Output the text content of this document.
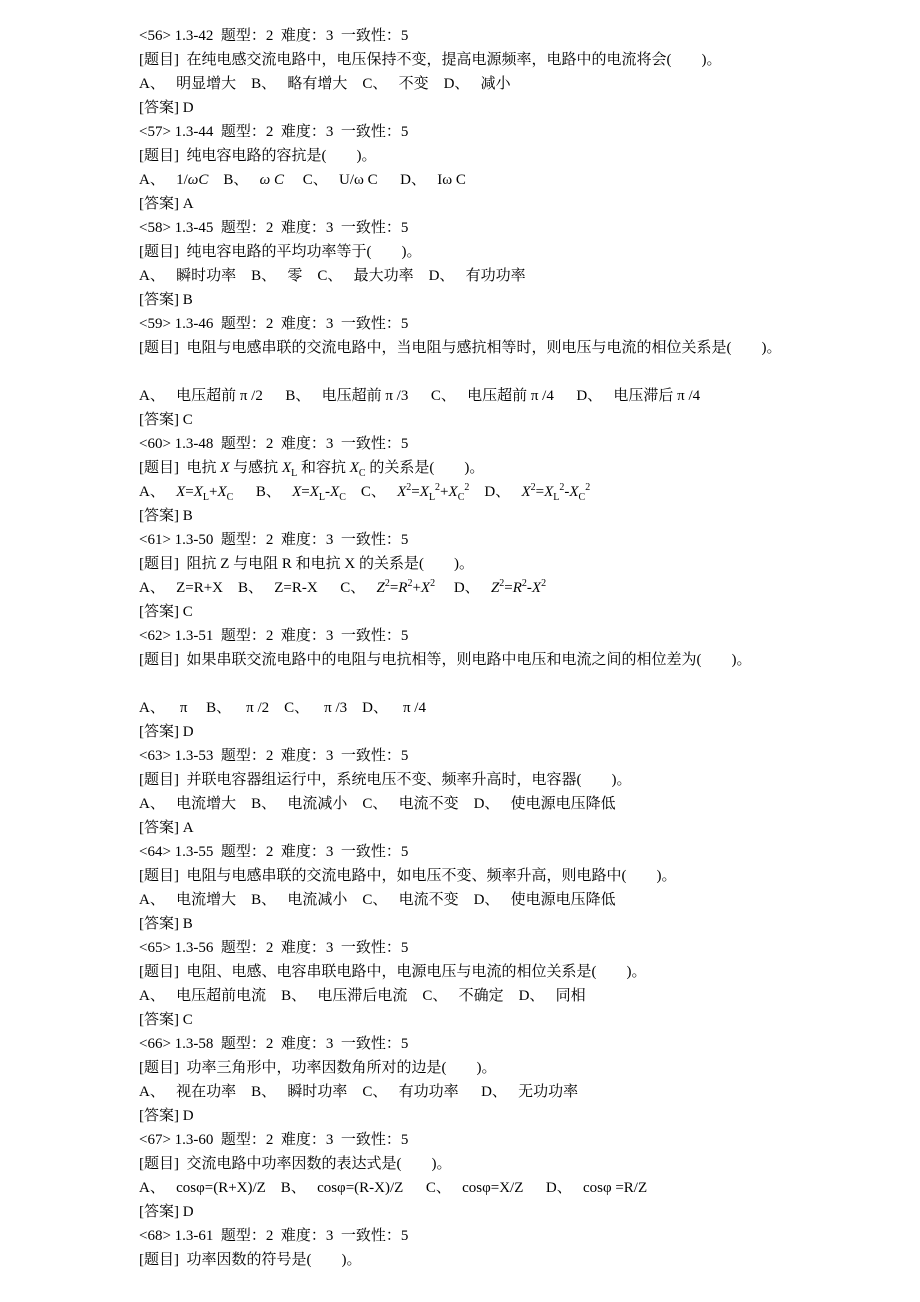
<56> 1.3-42  题型：2  难度：3  一致性：5
[题目]  在纯电感交流电路中，电压保持不变，提高电源频率，电路中的电流将会(        )。
A、   明显增大    B、   略有增大    C、   不变    D、   减小
[答案] D
<57> 1.3-44  题型：2  难度：3  一致性：5
[题目]  纯电容电路的容抗是(        )。
A、   1/ωC    B、   ω C     C、   U/ω C      D、   Iω C
[答案] A
<58> 1.3-45  题型：2  难度：3  一致性：5
[题目]  纯电容电路的平均功率等于(        )。
A、   瞬时功率    B、   零    C、   最大功率    D、   有功功率
[答案] B
<59> 1.3-46  题型：2  难度：3  一致性：5
[题目]  电阻与电感串联的交流电路中，当电阻与感抗相等时，则电压与电流的相位关系是(        )。
A、   电压超前 π /2      B、   电压超前 π /3      C、   电压超前 π /4      D、   电压滞后 π /4
[答案] C
<60> 1.3-48  题型：2  难度：3  一致性：5
[题目]  电抗 X 与感抗 $X_L$ 和容抗 $X_C$ 的关系是(        )。
A、   $X=X_L+X_C$      B、   $X=X_L-X_C$    C、   $X^2=X_L^2+X_C^2$    D、   $X^2=X_L^2-X_C^2$
[答案] B
<61> 1.3-50  题型：2  难度：3  一致性：5
[题目]  阻抗 Z 与电阻 R 和电抗 X 的关系是(        )。
A、   Z=R+X    B、   Z=R-X      C、   $Z^2=R^2+X^2$     D、   $Z^2=R^2-X^2$
[答案] C
<62> 1.3-51  题型：2  难度：3  一致性：5
[题目]  如果串联交流电路中的电阻与电抗相等，则电路中电压和电流之间的相位差为(        )。
A、    π     B、    π /2    C、    π /3    D、    π /4
[答案] D
<63> 1.3-53  题型：2  难度：3  一致性：5
[题目]  并联电容器组运行中，系统电压不变、频率升高时，电容器(        )。
A、   电流增大    B、   电流减小    C、   电流不变    D、   使电源电压降低
[答案] A
<64> 1.3-55  题型：2  难度：3  一致性：5
[题目]  电阻与电感串联的交流电路中，如电压不变、频率升高，则电路中(        )。
A、   电流增大    B、   电流减小    C、   电流不变    D、   使电源电压降低
[答案] B
<65> 1.3-56  题型：2  难度：3  一致性：5
[题目]  电阻、电感、电容串联电路中，电源电压与电流的相位关系是(        )。
A、   电压超前电流    B、   电压滞后电流    C、   不确定    D、   同相
[答案] C
<66> 1.3-58  题型：2  难度：3  一致性：5
[题目]  功率三角形中，功率因数角所对的边是(        )。
A、   视在功率    B、   瞬时功率    C、   有功功率      D、   无功功率
[答案] D
<67> 1.3-60  题型：2  难度：3  一致性：5
[题目]  交流电路中功率因数的表达式是(        )。
A、   cosφ=(R+X)/Z    B、   cosφ=(R-X)/Z      C、   cosφ=X/Z      D、   cosφ =R/Z
[答案] D
<68> 1.3-61  题型：2  难度：3  一致性：5
[题目]  功率因数的符号是(        )。
